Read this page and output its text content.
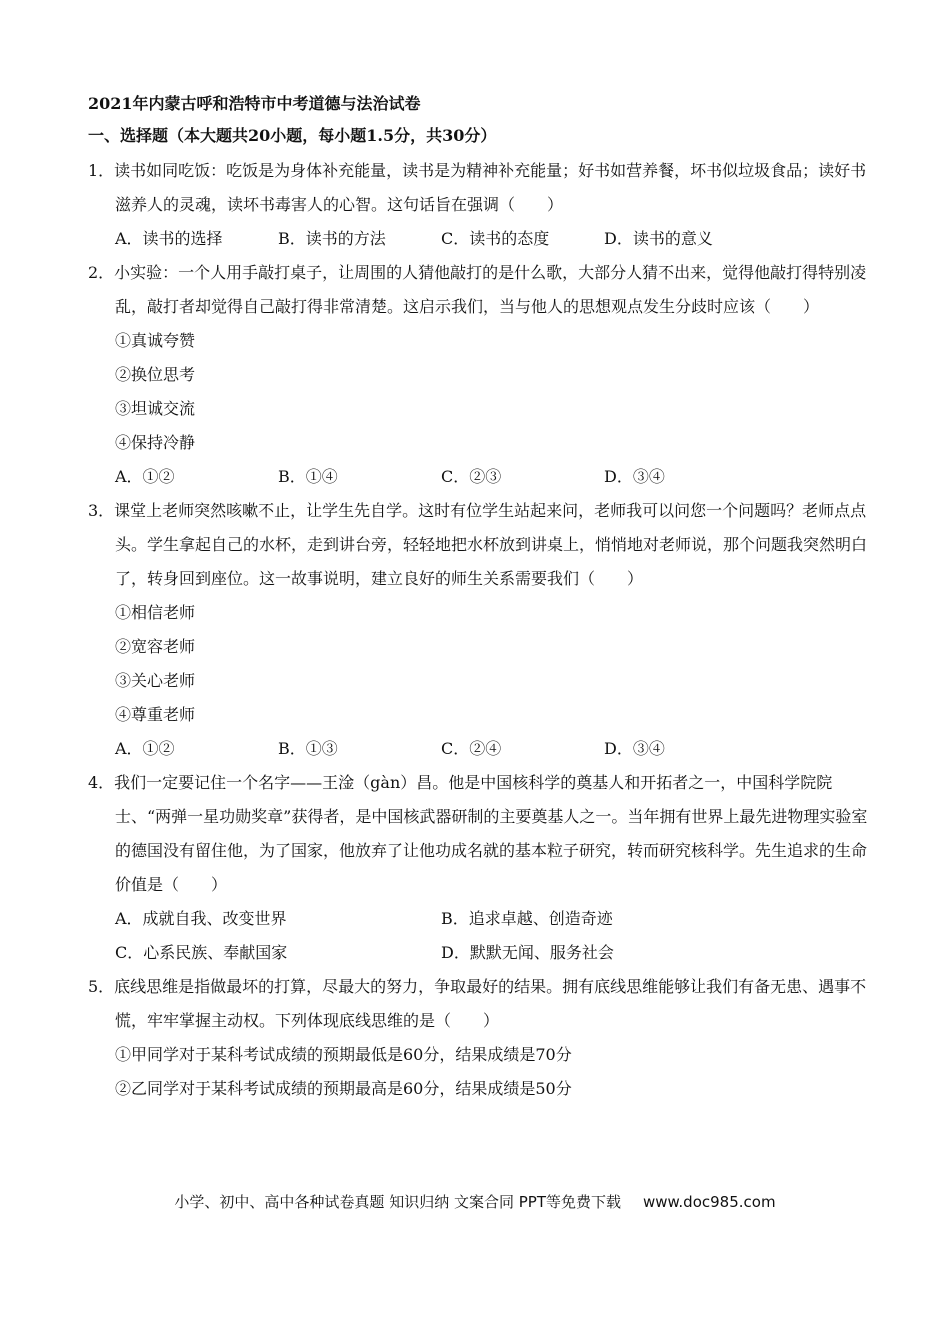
2021年内蒙古呼和浩特市中考道德与法治试卷
一、选择题（本大题共20小题，每小题1.5分，共30分）

1．读书如同吃饭：吃饭是为身体补充能量，读书是为精神补充能量；好书如营养餐，坏书似垃圾食品；读好书滋养人的灵魂，读坏书毒害人的心智。这句话旨在强调（　　）

A．读书的选择	B．读书的方法	C．读书的态度	D．读书的意义

2．小实验：一个人用手敲打桌子，让周围的人猜他敲打的是什么歌，大部分人猜不出来，觉得他敲打得特别凌乱，敲打者却觉得自己敲打得非常清楚。这启示我们，当与他人的思想观点发生分歧时应该（　　）

①真诚夸赞

②换位思考

③坦诚交流

④保持冷静

A．①②	B．①④	C．②③	D．③④

3．课堂上老师突然咳嗽不止，让学生先自学。这时有位学生站起来问，老师我可以问您一个问题吗？老师点点头。学生拿起自己的水杯，走到讲台旁，轻轻地把水杯放到讲桌上，悄悄地对老师说，那个问题我突然明白了，转身回到座位。这一故事说明，建立良好的师生关系需要我们（　　）

①相信老师

②宽容老师

③关心老师

④尊重老师

A．①②	B．①③	C．②④	D．③④

4．我们一定要记住一个名字——王淦（gàn）昌。他是中国核科学的奠基人和开拓者之一，中国科学院院士、“两弹一星功勋奖章”获得者，是中国核武器研制的主要奠基人之一。当年拥有世界上最先进物理实验室的德国没有留住他，为了国家，他放弃了让他功成名就的基本粒子研究，转而研究核科学。先生追求的生命价值是（　　）

A．成就自我、改变世界	B．追求卓越、创造奇迹
C．心系民族、奉献国家	D．默默无闻、服务社会

5．底线思维是指做最坏的打算，尽最大的努力，争取最好的结果。拥有底线思维能够让我们有备无患、遇事不慌，牢牢掌握主动权。下列体现底线思维的是（　　）

①甲同学对于某科考试成绩的预期最低是60分，结果成绩是70分

②乙同学对于某科考试成绩的预期最高是60分，结果成绩是50分

小学、初中、高中各种试卷真题 知识归纳 文案合同 PPT等免费下载 www.doc985.com
